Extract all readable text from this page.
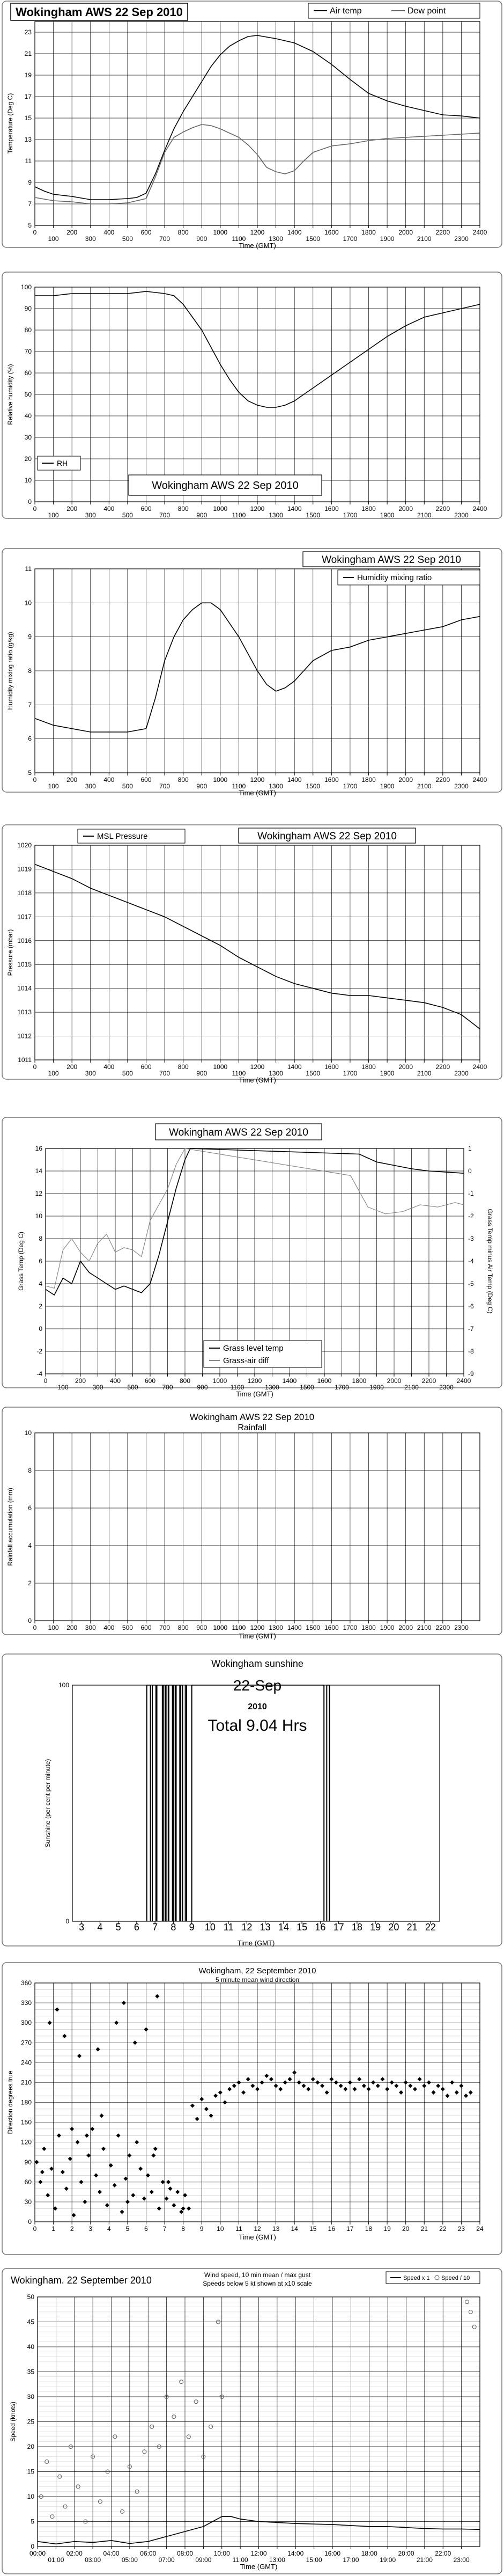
5
7
9
11
13
15
17
19
21
23
0
100
200
300
400
500
600
700
800
900
1000
1100
1200
1300
1400
1500
1600
1700
1800
1900
2000
2100
2200
2300
2400
Time (GMT)
Temperature (Deg C)
Wokingham AWS 22 Sep 2010	Air temp	Dew point
0
10
20
30
40
50
60
70
80
90
100
0
100
200
300
400
500
600
700
800
900
1000
1100
1200
1300
1400
1500
1600
1700
1800
1900
2000
2100
2200
2300
2400
Relative humidity (%)
Wokingham AWS 22 Sep 2010
RH
5
6
7
8
9
10
11
0
100
200
300
400
500
600
700
800
900
1000
1100
1200
1300
1400
1500
1600
1700
1800
1900
2000
2100
2200
2300
2400
Time (GMT)
Humidity mixing ratio (g/kg)
Wokingham AWS 22 Sep 2010
Humidity mixing ratio
1011
1012
1013
1014
1015
1016
1017
1018
1019
1020
0
100
200
300
400
500
600
700
800
900
1000
1100
1200
1300
1400
1500
1600
1700
1800
1900
2000
2100
2200
2300
2400
Time (GMT)
Pressure (mbar)
Wokingham AWS 22 Sep 2010
MSL Pressure
-4
-2
0
2
4
6
8
10
12
14
16
0
100
200
300
400
500
600
700
800
900
1000
1100
1200
1300
1400
1500
1600
1700
1800
1900
2000
2100
2200
2300
2400
Time (GMT)
Grass Temp (Deg C)
-9
-8
-7
-6
-5
-4
-3
-2
-1
0
1
Grass Temp minus Air Temp (Deg C)
Wokingham AWS 22 Sep 2010
Grass level temp
Grass-air diff
0
2
4
6
8
10
0 100 200 300 400 500 600 700 800 900 1000 1100 1200 1300 1400 1500 1600 1700 1800 1900 2000 2100 2200 2300
Time (GMT)
Rainfall accumulation (mm)
Wokingham AWS 22 Sep 2010
Rainfall
0
100
3 4 5 6 7 8 9 10 11 12 13 14 15 16 17 18 19 20 21 22
Time (GMT)
Sunshine (per cent per minute)
Wokingham sunshine
22-Sep
2010
Total 9.04 Hrs
0
30
60
90
120
150
180
210
240
270
300
330
360
0 1 2 3 4 5 6 7 8 9 10 11 12 13 14 15 16 17 18 19 20 21 22 23 24
Time (GMT)
Direction degrees true
Wokingham, 22 September 2010
5 minute mean wind direction
0
5
10
15
20
25
30
35
40
45
50
00:00
01:00
02:00
03:00
04:00
05:00
06:00
07:00
08:00
09:00
10:00
11:00
12:00
13:00
14:00
15:00
16:00
17:00
18:00
19:00
20:00
21:00
22:00
23:00
Time (GMT)
Speed (knots)
Wokingham. 22 September 2010	Wind speed, 10 min mean / max gust
Speeds below 5 kt shown at x10 scale
Speed x 1 Speed / 10
